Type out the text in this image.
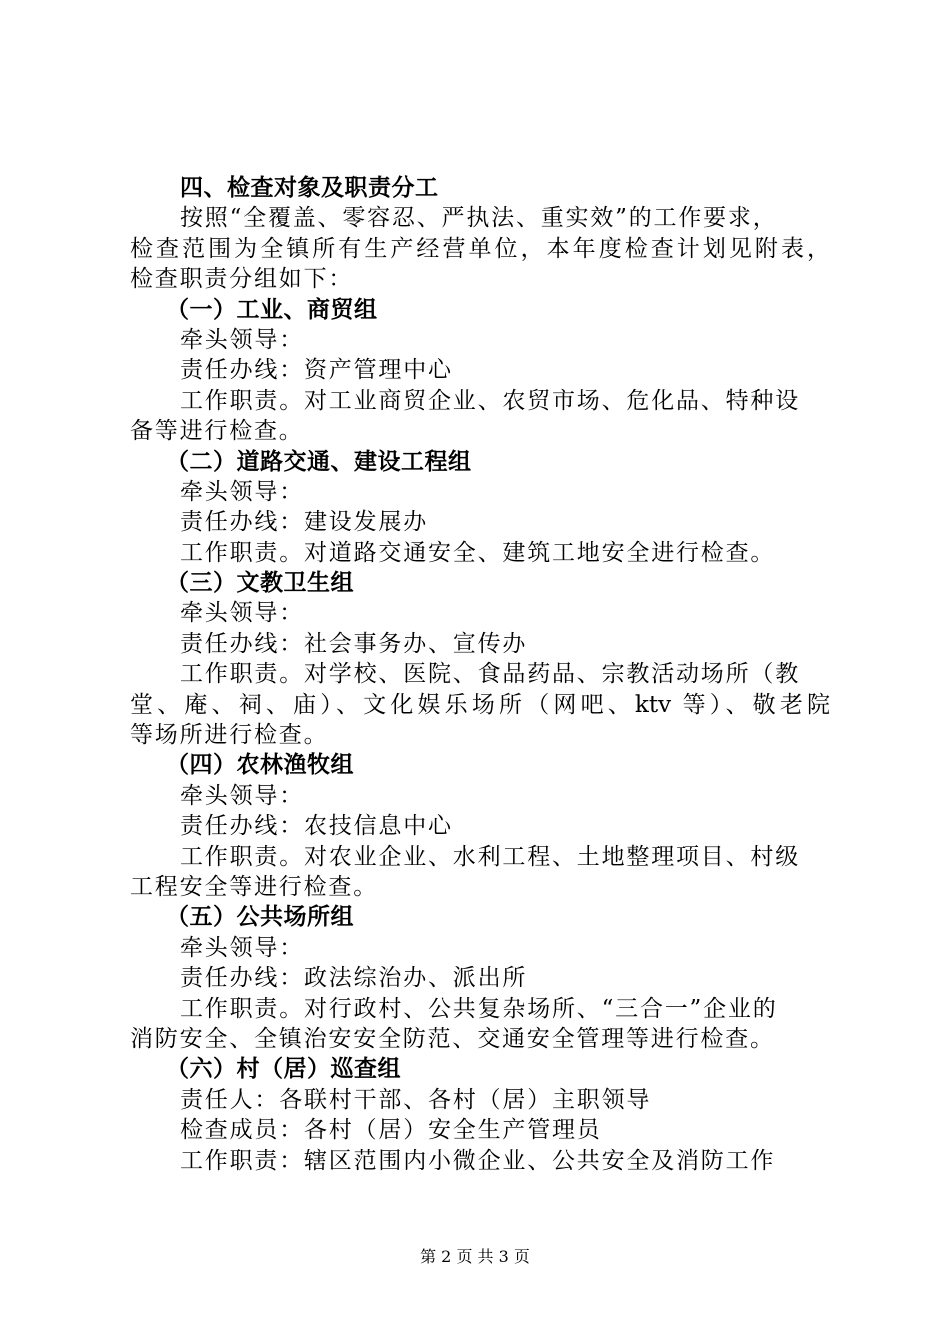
四、检查对象及职责分工
按照“全覆盖、零容忍、严执法、重实效”的工作要求，
检查范围为全镇所有生产经营单位，本年度检查计划见附表，
检查职责分组如下：
（一）工业、商贸组
牵头领导：
责任办线：资产管理中心
工作职责。对工业商贸企业、农贸市场、危化品、特种设
备等进行检查。
（二）道路交通、建设工程组
牵头领导：
责任办线：建设发展办
工作职责。对道路交通安全、建筑工地安全进行检查。
（三）文教卫生组
牵头领导：
责任办线：社会事务办、宣传办
工作职责。对学校、医院、食品药品、宗教活动场所（教
堂、庵、祠、庙）、文化娱乐场所（网吧、ktv 等）、敬老院
等场所进行检查。
（四）农林渔牧组
牵头领导：
责任办线：农技信息中心
工作职责。对农业企业、水利工程、土地整理项目、村级
工程安全等进行检查。
（五）公共场所组
牵头领导：
责任办线：政法综治办、派出所
工作职责。对行政村、公共复杂场所、“三合一”企业的
消防安全、全镇治安安全防范、交通安全管理等进行检查。
（六）村（居）巡查组
责任人：各联村干部、各村（居）主职领导
检查成员：各村（居）安全生产管理员
工作职责：辖区范围内小微企业、公共安全及消防工作
第 2 页 共 3 页
